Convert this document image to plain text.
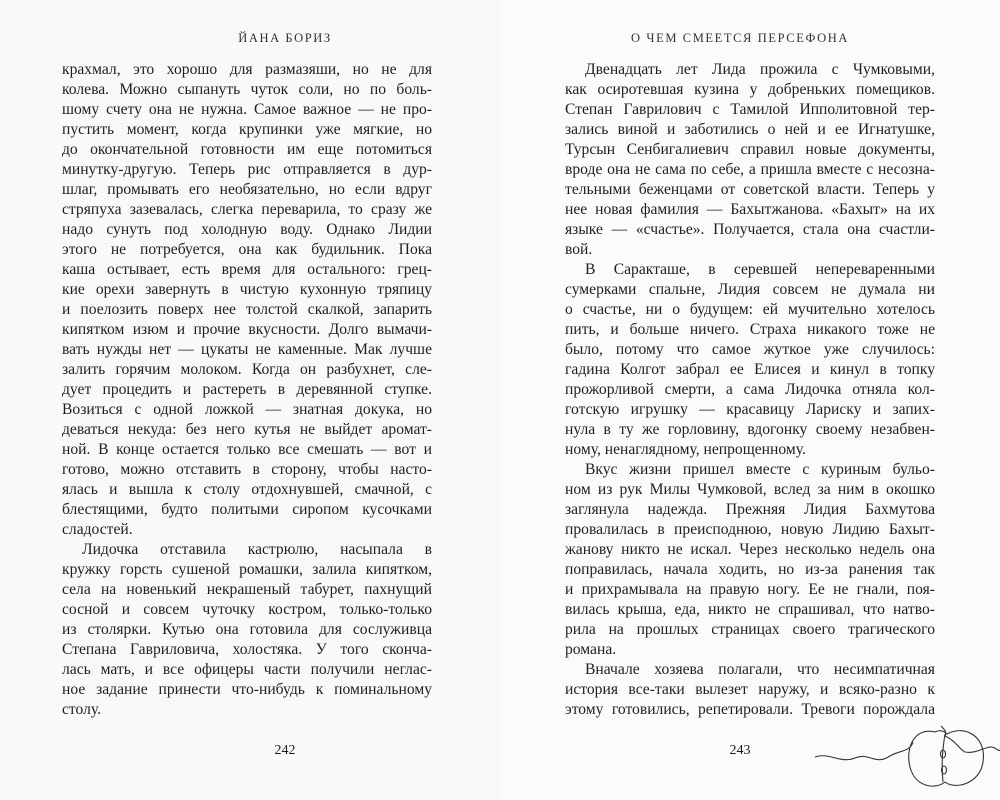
ЙАНА БОРИЗ
крахмал, это хорошо для размазяши, но не для
колева. Можно сыпануть чуток соли, но по боль-
шому счету она не нужна. Самое важное — не про-
пустить момент, когда крупинки уже мягкие, но
до окончательной готовности им еще потомиться
минутку-другую. Теперь рис отправляется в дур-
шлаг, промывать его необязательно, но если вдруг
стряпуха зазевалась, слегка переварила, то сразу же
надо сунуть под холодную воду. Однако Лидии
этого не потребуется, она как будильник. Пока
каша остывает, есть время для остального: грец-
кие орехи завернуть в чистую кухонную тряпицу
и поелозить поверх нее толстой скалкой, запарить
кипятком изюм и прочие вкусности. Долго вымачи-
вать нужды нет — цукаты не каменные. Мак лучше
залить горячим молоком. Когда он разбухнет, сле-
дует процедить и растереть в деревянной ступке.
Возиться с одной ложкой — знатная докука, но
деваться некуда: без него кутья не выйдет аромат-
ной. В конце остается только все смешать — вот и
готово, можно отставить в сторону, чтобы насто-
ялась и вышла к столу отдохнувшей, смачной, с
блестящими, будто политыми сиропом кусочками
сладостей.
Лидочка отставила кастрюлю, насыпала в
кружку горсть сушеной ромашки, залила кипятком,
села на новенький некрашеный табурет, пахнущий
сосной и совсем чуточку костром, только-только
из столярки. Кутью она готовила для сослуживца
Степана Гавриловича, холостяка. У того сконча-
лась мать, и все офицеры части получили неглас-
ное задание принести что-нибудь к поминальному
столу.
242
О ЧЕМ СМЕЕТСЯ ПЕРСЕФОНА
Двенадцать лет Лида прожила с Чумковыми,
как осиротевшая кузина у добреньких помещиков.
Степан Гаврилович с Тамилой Ипполитовной тер-
зались виной и заботились о ней и ее Игнатушке,
Турсын Сенбигалиевич справил новые документы,
вроде она не сама по себе, а пришла вместе с несозна-
тельными беженцами от советской власти. Теперь у
нее новая фамилия — Бахытжанова. «Бахыт» на их
языке — «счастье». Получается, стала она счастли-
вой.
В Саракташе, в серевшей непереваренными
сумерками спальне, Лидия совсем не думала ни
о счастье, ни о будущем: ей мучительно хотелось
пить, и больше ничего. Страха никакого тоже не
было, потому что самое жуткое уже случилось:
гадина Колгот забрал ее Елисея и кинул в топку
прожорливой смерти, а сама Лидочка отняла кол-
готскую игрушку — красавицу Лариску и запих-
нула в ту же горловину, вдогонку своему незабвен-
ному, ненаглядному, непрощенному.
Вкус жизни пришел вместе с куриным бульо-
ном из рук Милы Чумковой, вслед за ним в окошко
заглянула надежда. Прежняя Лидия Бахмутова
провалилась в преисподнюю, новую Лидию Бахыт-
жанову никто не искал. Через несколько недель она
поправилась, начала ходить, но из-за ранения так
и прихрамывала на правую ногу. Ее не гнали, поя-
вилась крыша, еда, никто не спрашивал, что натво-
рила на прошлых страницах своего трагического
романа.
Вначале хозяева полагали, что несимпатичная
история все-таки вылезет наружу, и всяко-разно к
этому готовились, репетировали. Тревоги порождала
243
